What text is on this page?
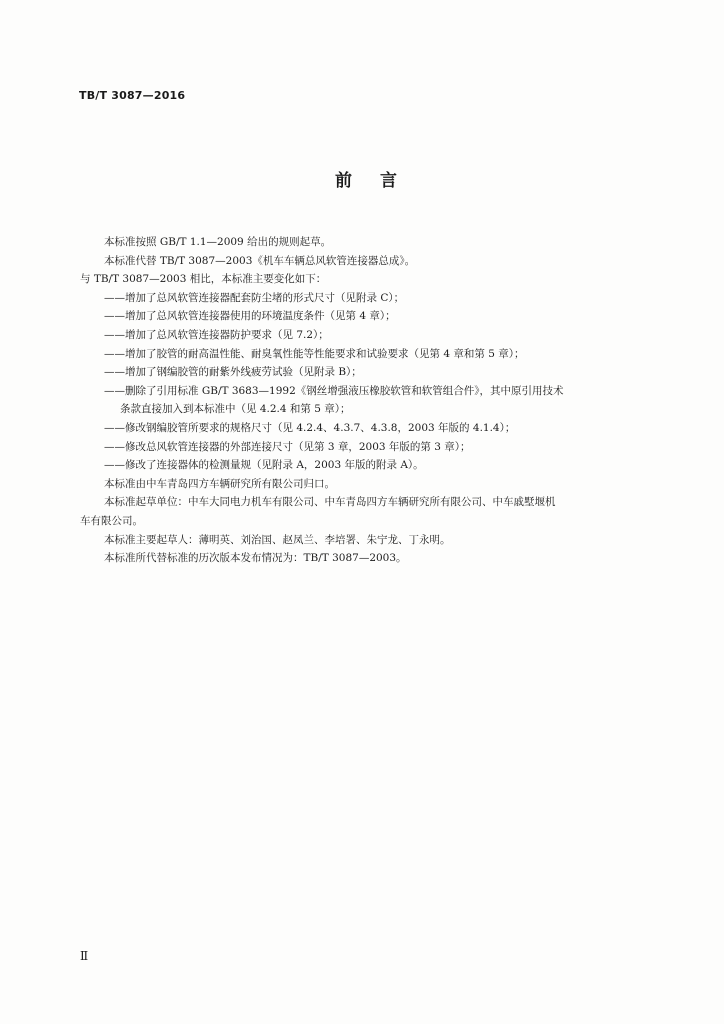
TB/T 3087—2016
前言
本标准按照 GB/T 1.1—2009 给出的规则起草。
本标准代替 TB/T 3087—2003《机车车辆总风软管连接器总成》。
与 TB/T 3087—2003 相比，本标准主要变化如下：
——增加了总风软管连接器配套防尘堵的形式尺寸（见附录 C）；
——增加了总风软管连接器使用的环境温度条件（见第 4 章）；
——增加了总风软管连接器防护要求（见 7.2）；
——增加了胶管的耐高温性能、耐臭氧性能等性能要求和试验要求（见第 4 章和第 5 章）；
——增加了钢编胶管的耐紫外线疲劳试验（见附录 B）；
——删除了引用标准 GB/T 3683—1992《钢丝增强液压橡胶软管和软管组合件》，其中原引用技术
条款直接加入到本标准中（见 4.2.4 和第 5 章）；
——修改钢编胶管所要求的规格尺寸（见 4.2.4、4.3.7、4.3.8，2003 年版的 4.1.4）；
——修改总风软管连接器的外部连接尺寸（见第 3 章，2003 年版的第 3 章）；
——修改了连接器体的检测量规（见附录 A，2003 年版的附录 A）。
本标准由中车青岛四方车辆研究所有限公司归口。
本标准起草单位：中车大同电力机车有限公司、中车青岛四方车辆研究所有限公司、中车戚墅堰机
车有限公司。
本标准主要起草人：薄明英、刘治国、赵凤兰、李培署、朱宁龙、丁永明。
本标准所代替标准的历次版本发布情况为：TB/T 3087—2003。
Ⅱ
